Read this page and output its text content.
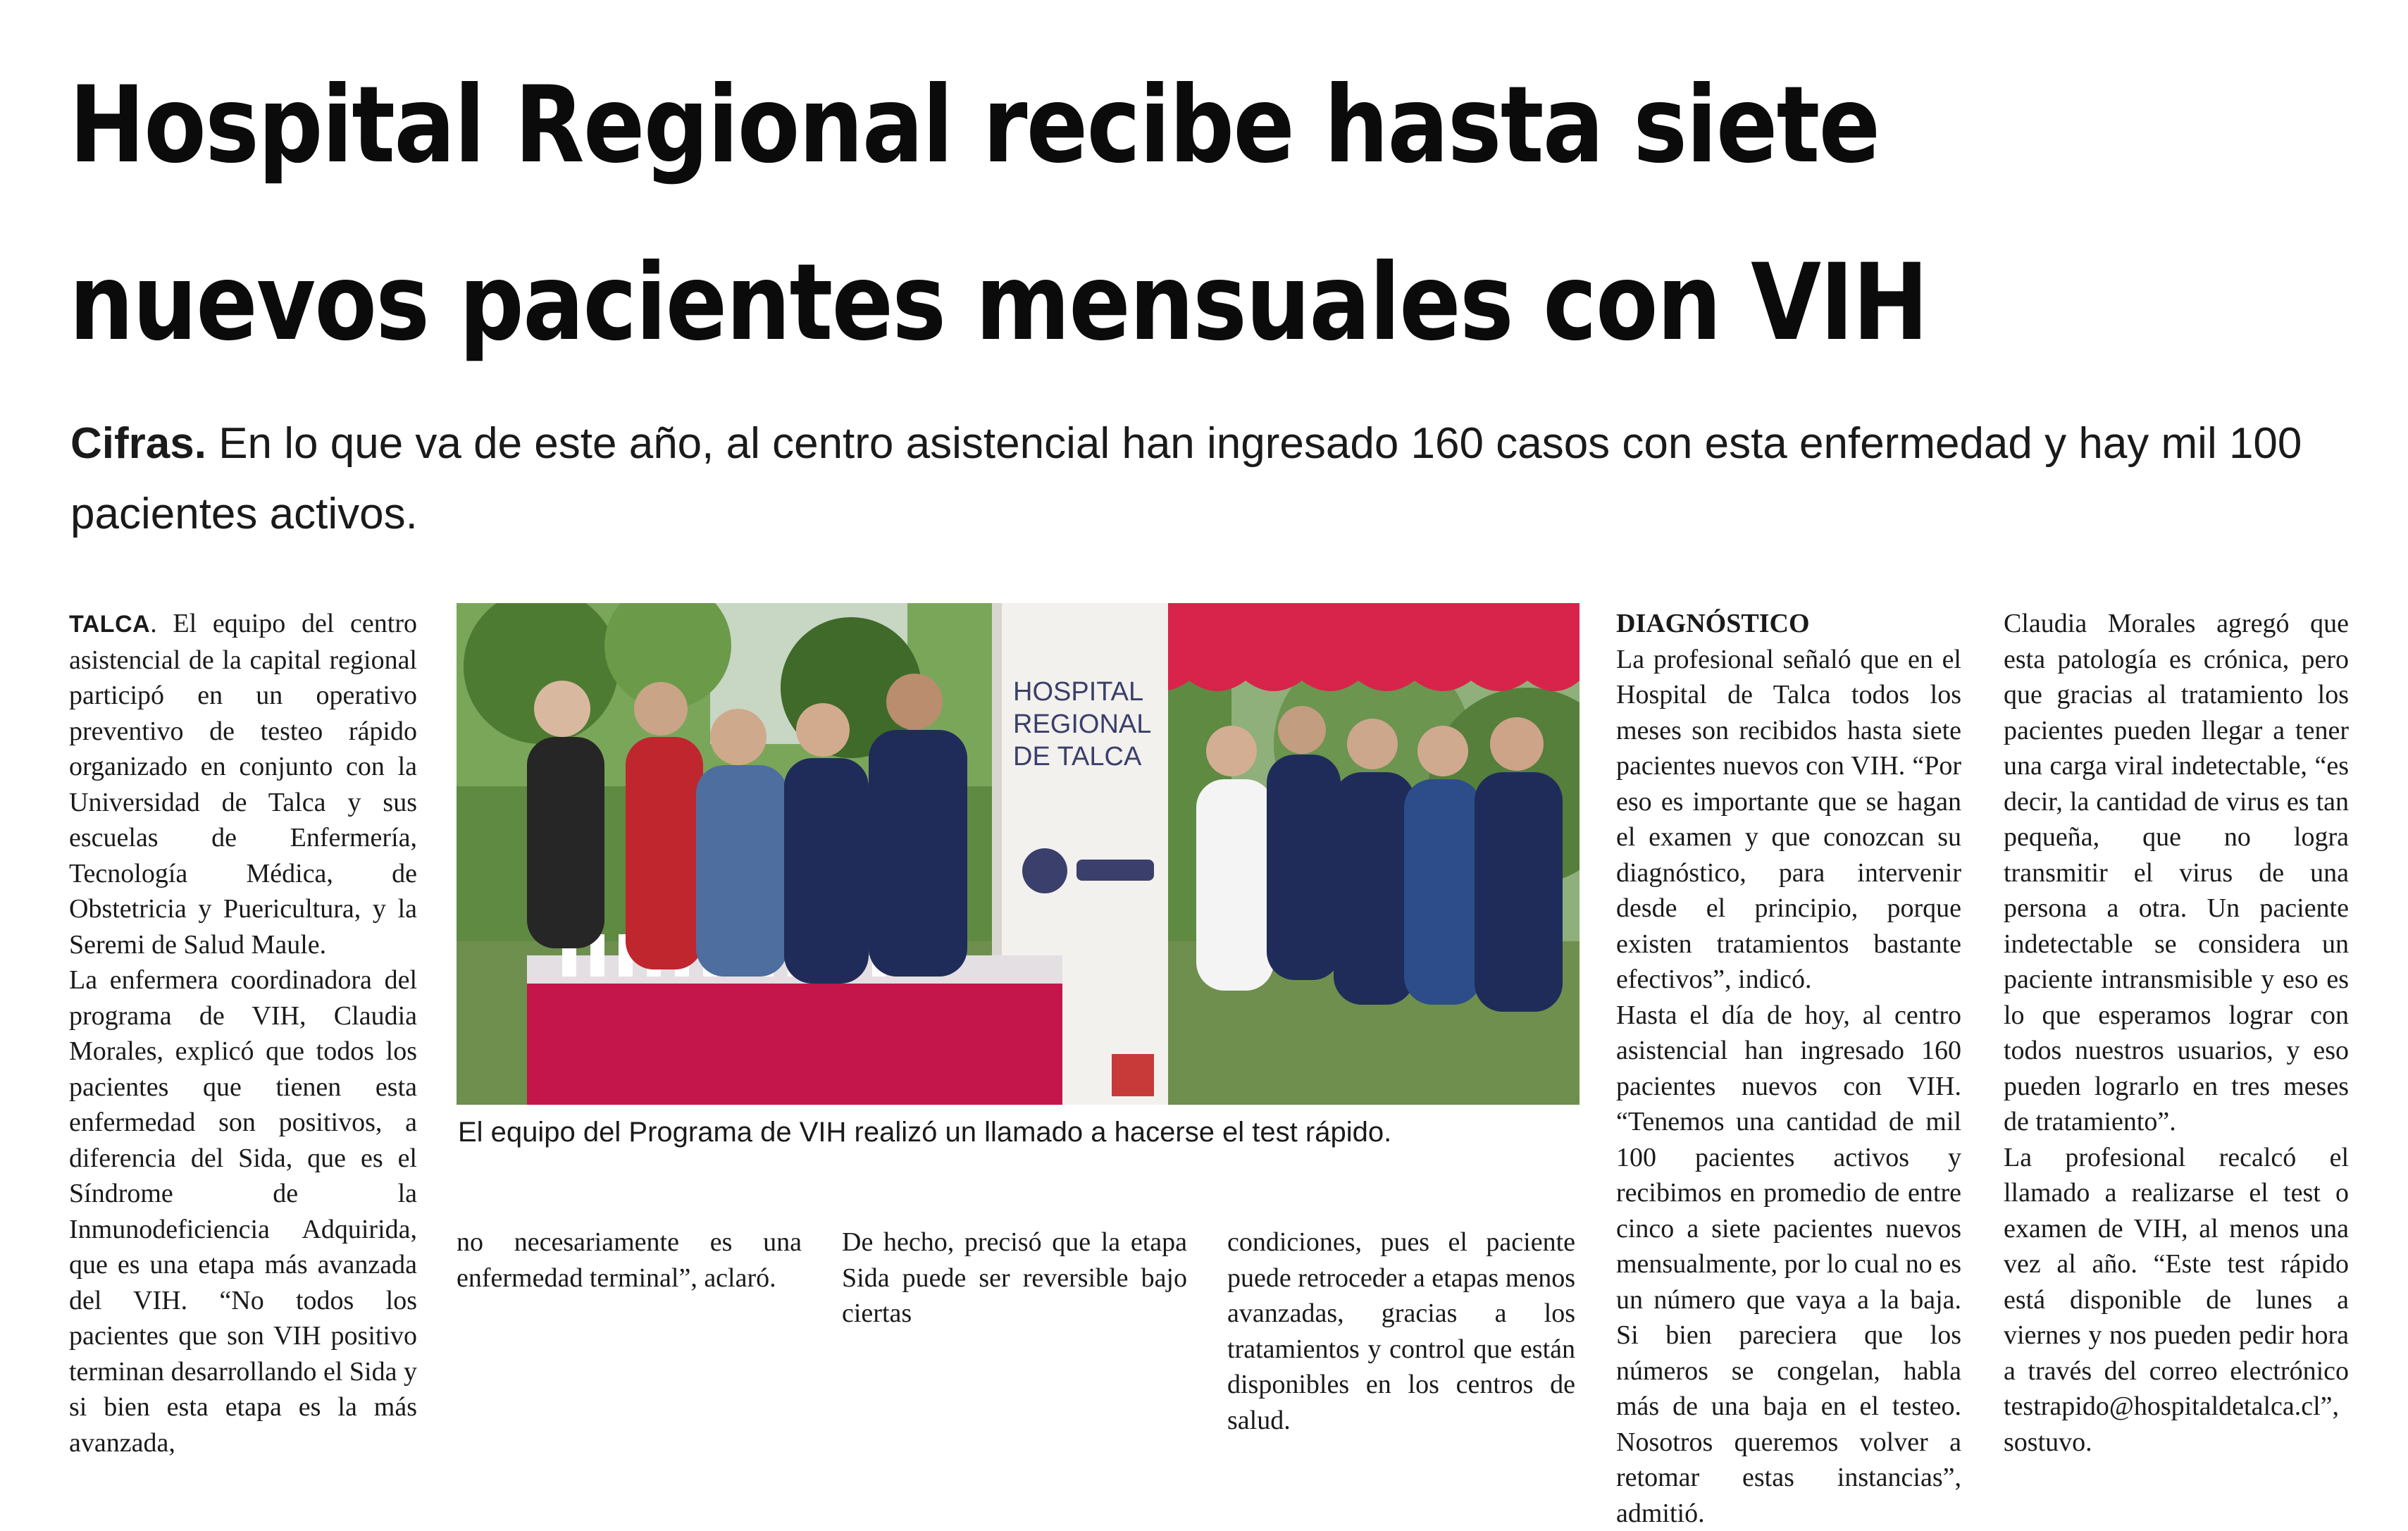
Hospital Regional recibe hasta siete
nuevos pacientes mensuales con VIH

Cifras. En lo que va de este año, al centro asistencial han ingresado 160 casos con esta enfermedad y hay mil 100 pacientes activos.

TALCA. El equipo del centro asistencial de la capital regional participó en un operativo preventivo de testeo rápido organizado en conjunto con la Universidad de Talca y sus escuelas de Enfermería, Tecnología Médica, de Obstetricia y Puericultura, y la Seremi de Salud Maule.

La enfermera coordinadora del programa de VIH, Claudia Morales, explicó que todos los pacientes que tienen esta enfermedad son positivos, a diferencia del Sida, que es el Síndrome de la Inmunodeficiencia Adquirida, que es una etapa más avanzada del VIH. “No todos los pacientes que son VIH positivo terminan desarrollando el Sida y si bien esta etapa es la más avanzada,

HOSPITAL
REGIONAL
DE TALCA

El equipo del Programa de VIH realizó un llamado a hacerse el test rápido.

no necesariamente es una enfermedad terminal”, aclaró.

De hecho, precisó que la etapa Sida puede ser reversible bajo ciertas

condiciones, pues el paciente puede retroceder a etapas menos avanzadas, gracias a los tratamientos y control que están disponibles en los centros de salud.

DIAGNÓSTICO

La profesional señaló que en el Hospital de Talca todos los meses son recibidos hasta siete pacientes nuevos con VIH. “Por eso es importante que se hagan el examen y que conozcan su diagnóstico, para intervenir desde el principio, porque existen tratamientos bastante efectivos”, indicó.

Hasta el día de hoy, al centro asistencial han ingresado 160 pacientes nuevos con VIH. “Tenemos una cantidad de mil 100 pacientes activos y recibimos en promedio de entre cinco a siete pacientes nuevos mensualmente, por lo cual no es un número que vaya a la baja. Si bien pareciera que los números se congelan, habla más de una baja en el testeo. Nosotros queremos volver a retomar estas instancias”, admitió.

Claudia Morales agregó que esta patología es crónica, pero que gracias al tratamiento los pacientes pueden llegar a tener una carga viral indetectable, “es decir, la cantidad de virus es tan pequeña, que no logra transmitir el virus de una persona a otra. Un paciente indetectable se considera un paciente intransmisible y eso es lo que esperamos lograr con todos nuestros usuarios, y eso pueden lograrlo en tres meses de tratamiento”.

La profesional recalcó el llamado a realizarse el test o examen de VIH, al menos una vez al año. “Este test rápido está disponible de lunes a viernes y nos pueden pedir hora a través del correo electrónico testrapido@hospitaldetalca.cl”, sostuvo.
